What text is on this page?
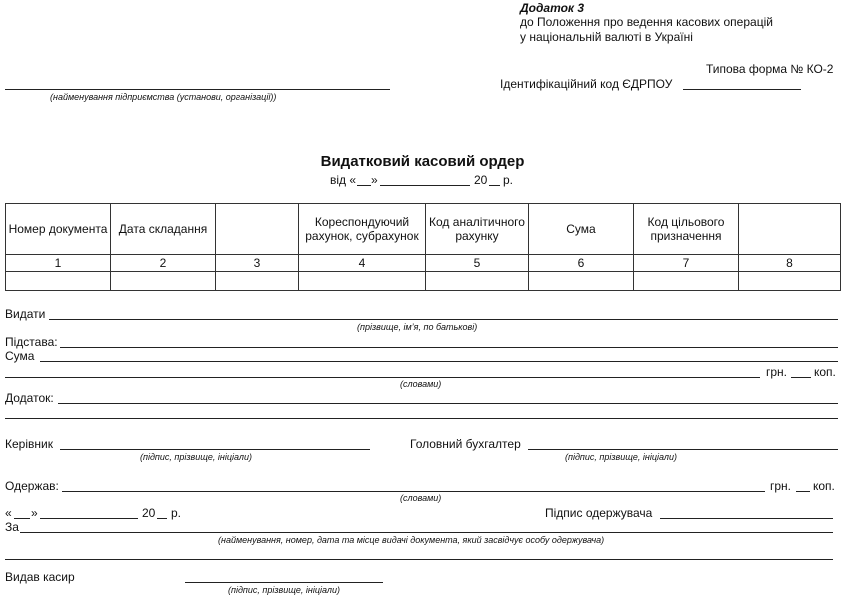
Додаток 3
до Положення про ведення касових операцій
у національній валюті в Україні
Типова форма № КО-2
(найменування підприємства (установи, організації))
Ідентифікаційний код ЄДРПОУ
Видатковий касовий ордер
від « »	20 р.
Номер документа	Дата складання		Кореспондуючий рахунок, субрахунок	Код аналітичного рахунку	Сума	Код цільового призначення	
1	2	3	4	5	6	7	8

Видати
(прізвище, ім’я, по батькові)
Підстава:
Сума
грн. коп.
(словами)
Додаток:
Керівник
(підпис, прізвище, ініціали)
Головний бухгалтер
(підпис, прізвище, ініціали)
Одержав:	грн. коп.
(словами)
« »	20 р.	Підпис одержувача
За
(найменування, номер, дата та місце видачі документа, який засвідчує особу одержувача)
Видав касир
(підпис, прізвище, ініціали)
